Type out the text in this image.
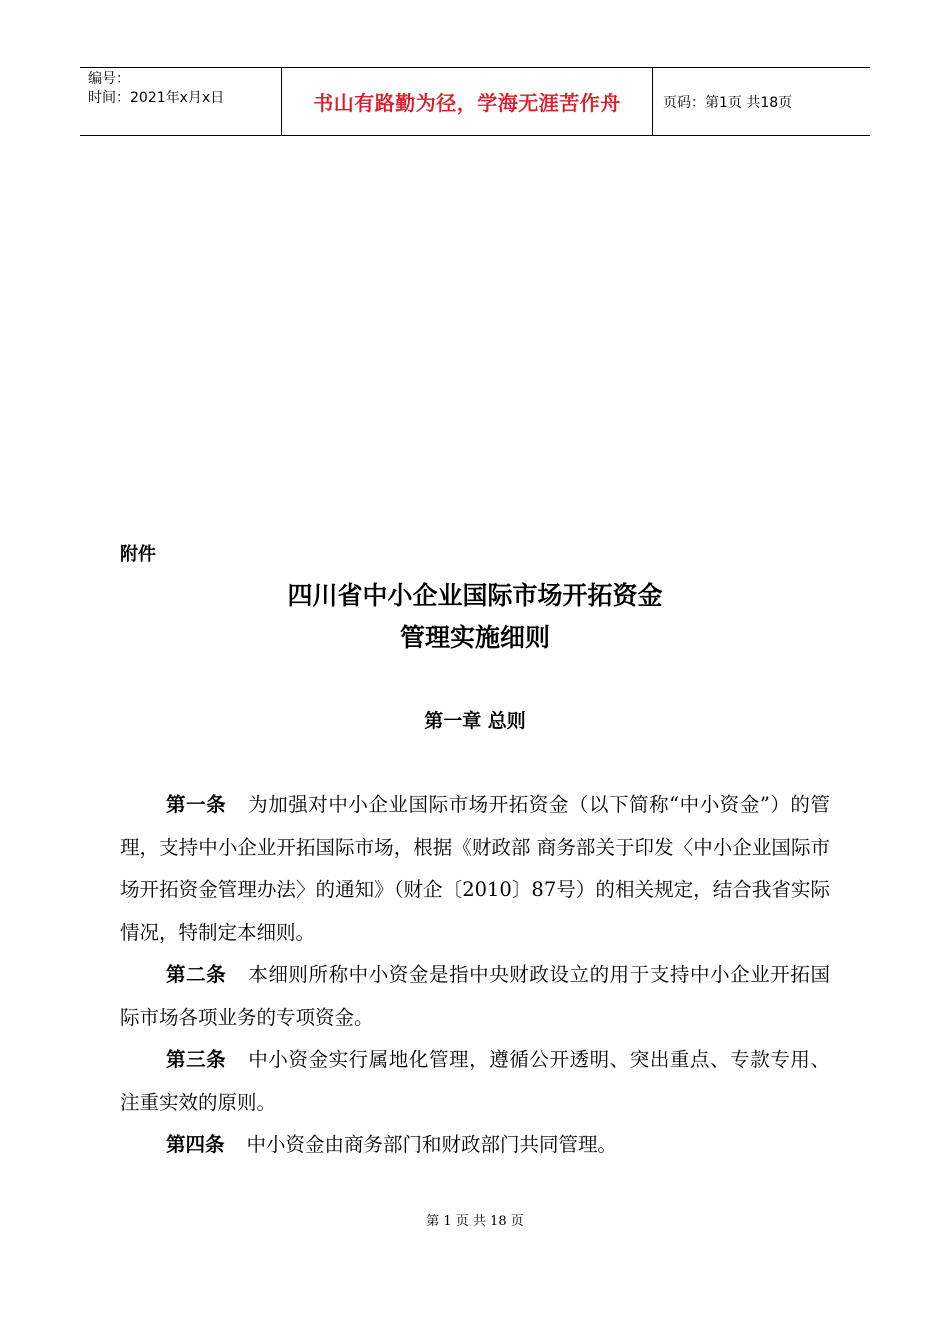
编号：
时间：2021年x月x日	书山有路勤为径，学海无涯苦作舟	页码：第1页 共18页
附件
四川省中小企业国际市场开拓资金
管理实施细则
第一章 总则

第一条 为加强对中小企业国际市场开拓资金（以下简称“中小资金”）的管理，支持中小企业开拓国际市场，根据《财政部 商务部关于印发〈中小企业国际市场开拓资金管理办法〉的通知》（财企〔2010〕87号）的相关规定，结合我省实际情况，特制定本细则。

第二条 本细则所称中小资金是指中央财政设立的用于支持中小企业开拓国际市场各项业务的专项资金。

第三条 中小资金实行属地化管理，遵循公开透明、突出重点、专款专用、注重实效的原则。

第四条 中小资金由商务部门和财政部门共同管理。

第 1 页 共 18 页
